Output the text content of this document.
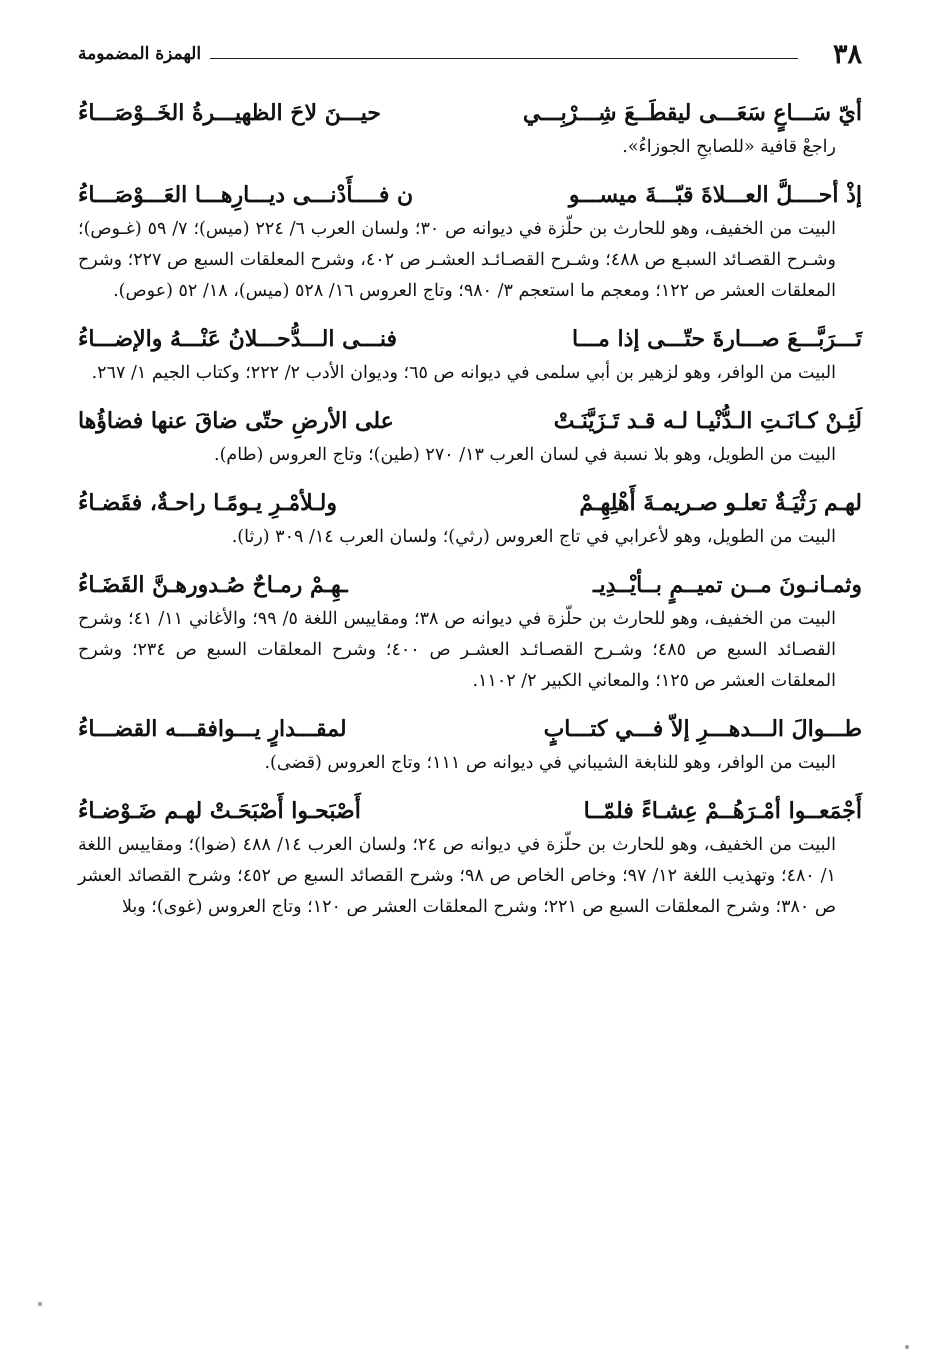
٣٨
الهمزة المضمومة
أيّ سَـــاعٍ سَعَـــى ليقطَــعَ شِـــرْبِـــي
حيـــنَ لاحَ الظهيـــرةُ الخَــوْصَـــاءُ
راجعْ قافية «للصابحِ الجوزاءُ».
إذْ أحــــلَّ العـــلاةَ قبّـــةَ ميســـو
ن فــــأَدْنـــى ديـــارِهـــا العَـــوْصَـــاءُ
البيت من الخفيف، وهو للحارث بن حلّزة في ديوانه ص ٣٠؛ ولسان العرب ٦/ ٢٢٤ (ميس)؛ ٧/ ٥٩ (غـوص)؛ وشـرح القصـائد السبـع ص ٤٨٨؛ وشـرح القصـائـد العشـر ص ٤٠٢، وشرح المعلقات السبع ص ٢٢٧؛ وشرح المعلقات العشر ص ١٢٢؛ ومعجم ما استعجم ٣/ ٩٨٠؛ وتاج العروس ١٦/ ٥٢٨ (ميس)، ١٨/ ٥٢ (عوص).
تَـــرَبَّـــعَ صـــارةَ حتّـــى إذا مـــا
فنـــى الـــدُّحـــلانُ عَنْـــهُ والإضـــاءُ
البيت من الوافر، وهو لزهير بن أبي سلمى في ديوانه ص ٦٥؛ وديوان الأدب ٢/ ٢٢٢؛ وكتاب الجيم ١/ ٢٦٧.
لَئِـنْ كـانَـتِ الـدُّنْيـا لـه قـد تَـزَيَّنَـتْ
على الأرضِ حتّى ضاقَ عنها فضاؤُها
البيت من الطويل، وهو بلا نسبة في لسان العرب ١٣/ ٢٧٠ (طين)؛ وتاج العروس (طام).
لهـم رَثْيَـةٌ تعلـو صـريمـةَ أَهْلِهِـمْ
ولـلأمْـرِ يـومًـا راحـةٌ، فقَضـاءُ
البيت من الطويل، وهو لأعرابي في تاج العروس (رثي)؛ ولسان العرب ١٤/ ٣٠٩ (رثا).
وثمـانـونَ مــن تميــمٍ بــأيْــدِيـ
ـهِـمْ رمـاحٌ صُـدورهـنَّ القَضَـاءُ
البيت من الخفيف، وهو للحارث بن حلّزة في ديوانه ص ٣٨؛ ومقاييس اللغة ٥/ ٩٩؛ والأغاني ١١/ ٤١؛ وشرح القصـائد السبع ص ٤٨٥؛ وشـرح القصـائـد العشـر ص ٤٠٠؛ وشرح المعلقات السبع ص ٢٣٤؛ وشرح المعلقات العشر ص ١٢٥؛ والمعاني الكبير ٢/ ١١٠٢.
طـــوالَ الـــدهـــرِ إلاّ فـــي كتـــابٍ
لمقـــدارٍ يـــوافقـــه القضـــاءُ
البيت من الوافر، وهو للنابغة الشيباني في ديوانه ص ١١١؛ وتاج العروس (قضى).
أَجْمَعــوا أمْـرَهُــمْ عِشـاءً فلمّــا
أَصْبَحـوا أَصْبَحَـتْ لهـم ضَـوْضـاءُ
البيت من الخفيف، وهو للحارث بن حلّزة في ديوانه ص ٢٤؛ ولسان العرب ١٤/ ٤٨٨ (ضوا)؛ ومقاييس اللغة ١/ ٤٨٠؛ وتهذيب اللغة ١٢/ ٩٧؛ وخاص الخاص ص ٩٨؛ وشرح القصائد السبع ص ٤٥٢؛ وشرح القصائد العشر ص ٣٨٠؛ وشرح المعلقات السبع ص ٢٢١؛ وشرح المعلقات العشر ص ١٢٠؛ وتاج العروس (غوى)؛ وبلا
